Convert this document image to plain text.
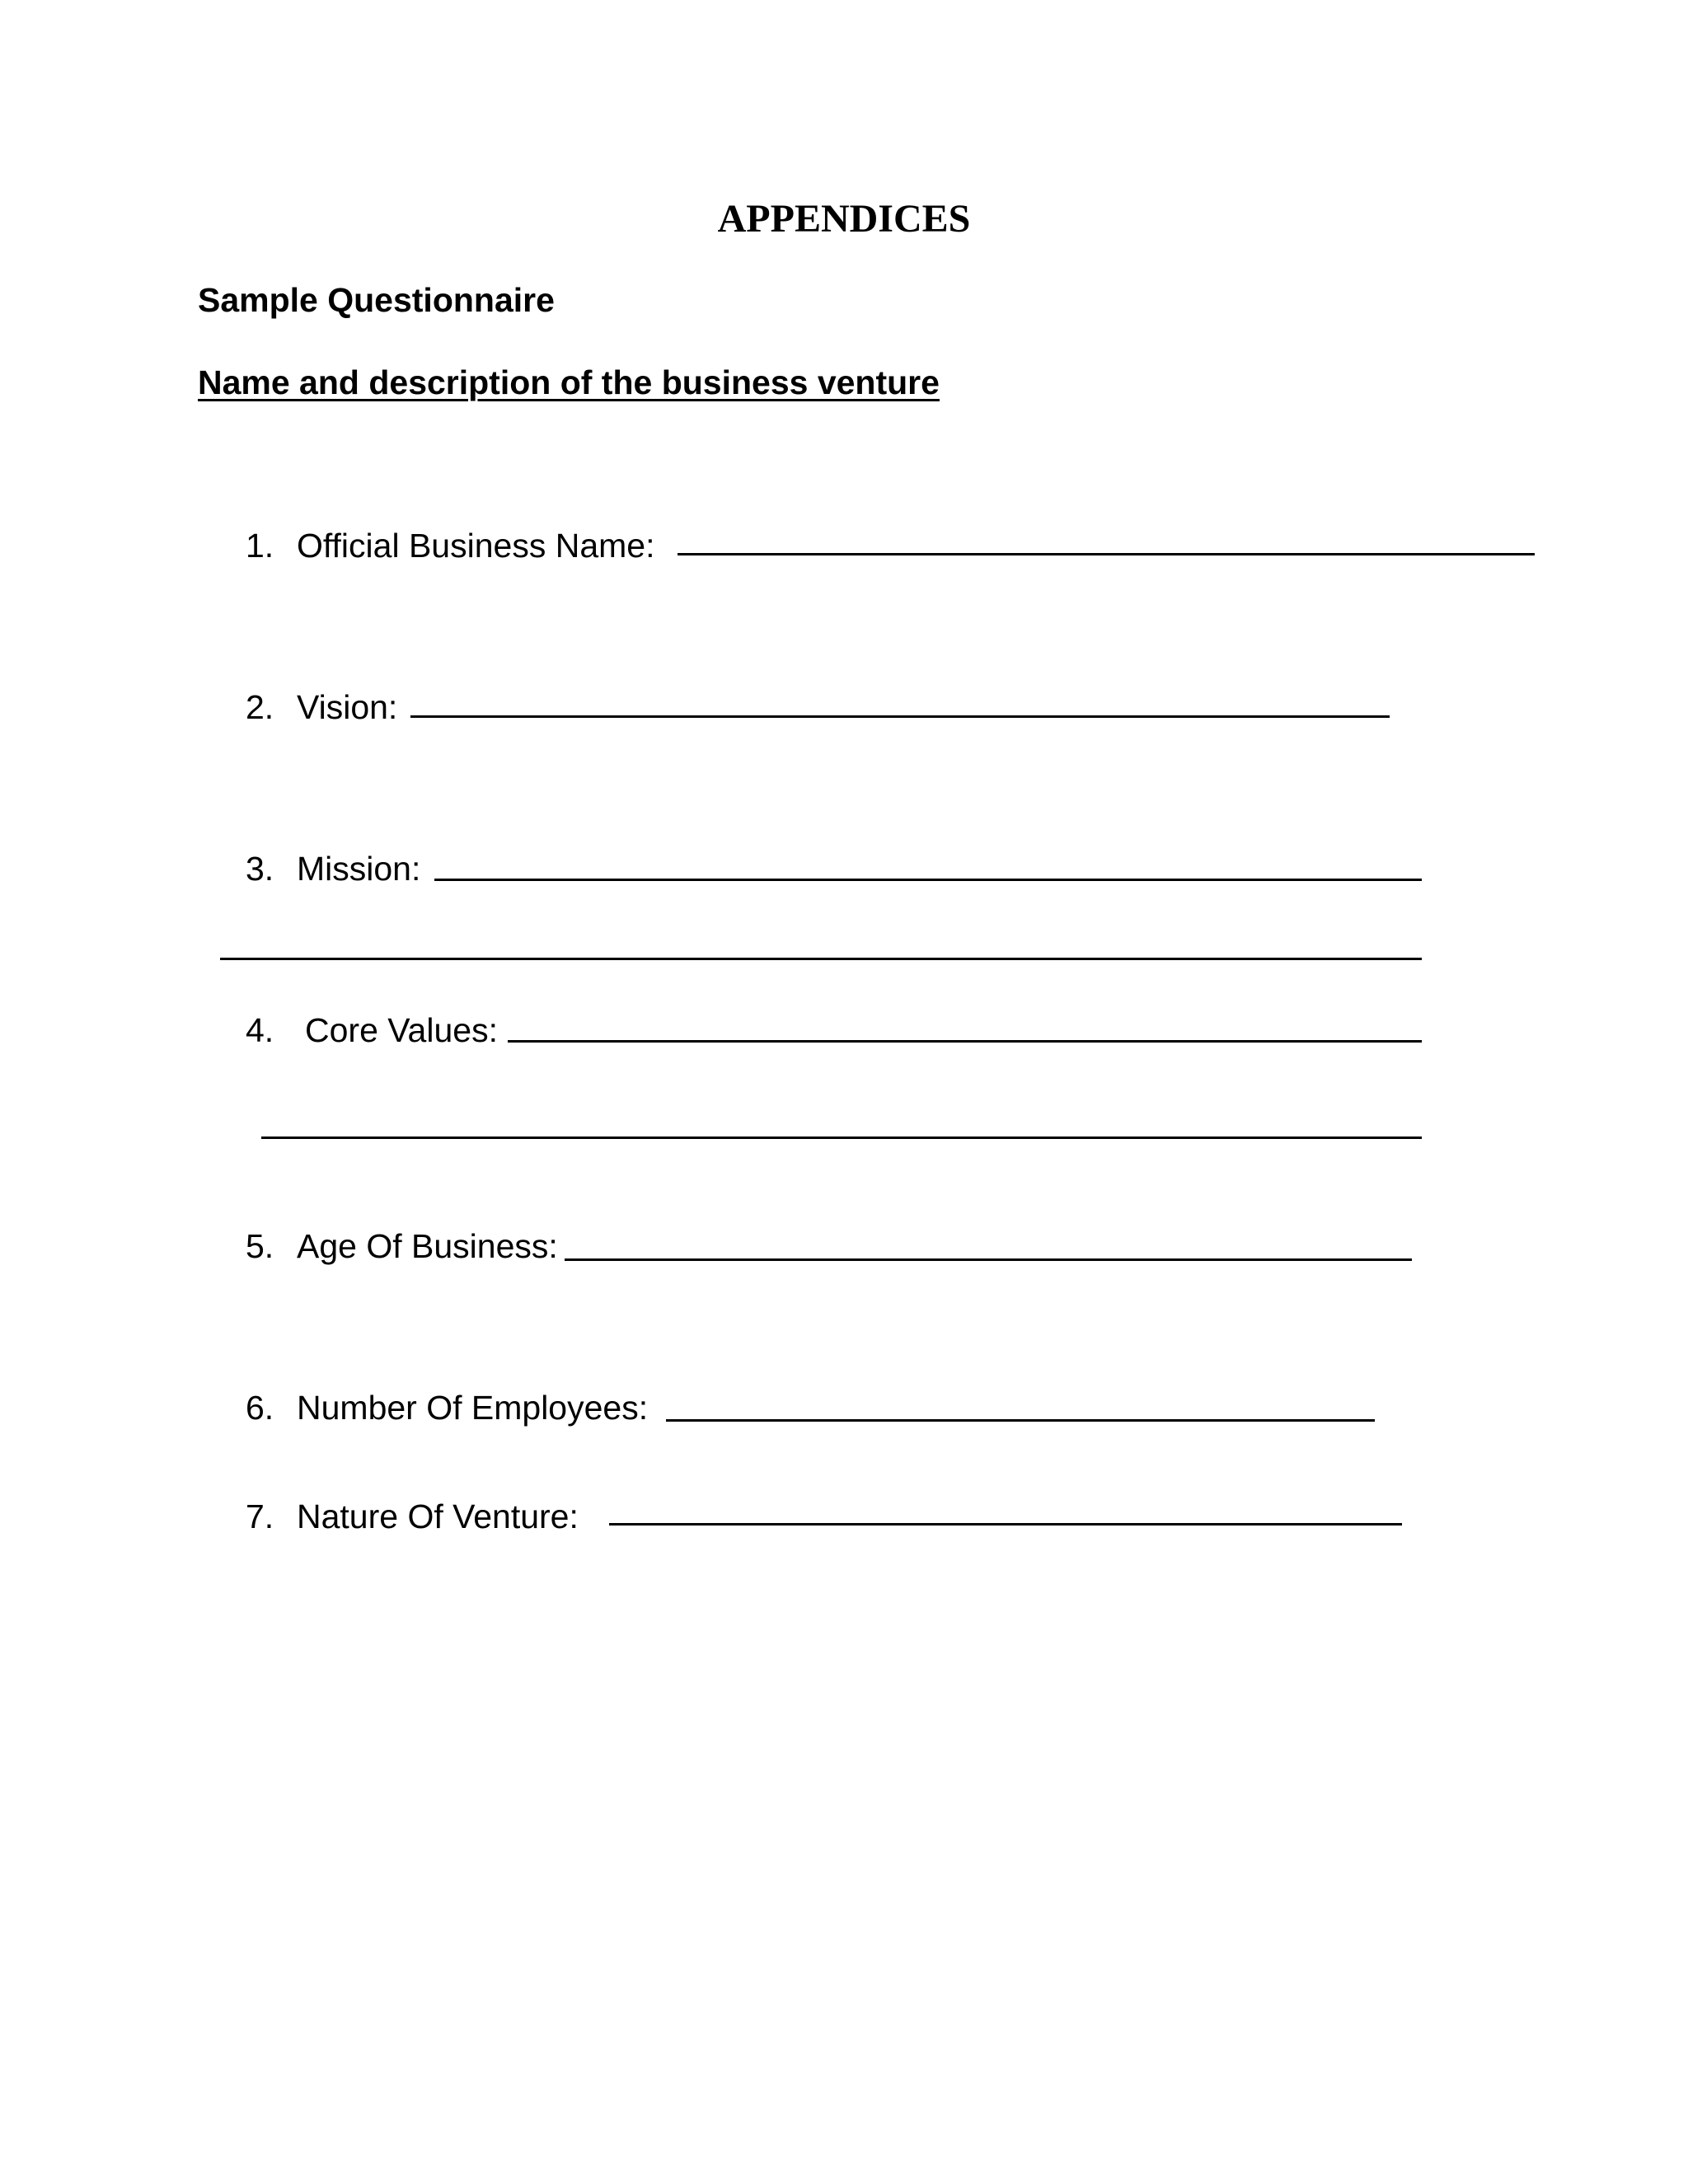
APPENDICES
Sample Questionnaire
Name and description of the business venture
1. Official Business Name:
2. Vision:
3. Mission:
4. Core Values:
5. Age Of Business:
6. Number Of Employees:
7. Nature Of Venture:
